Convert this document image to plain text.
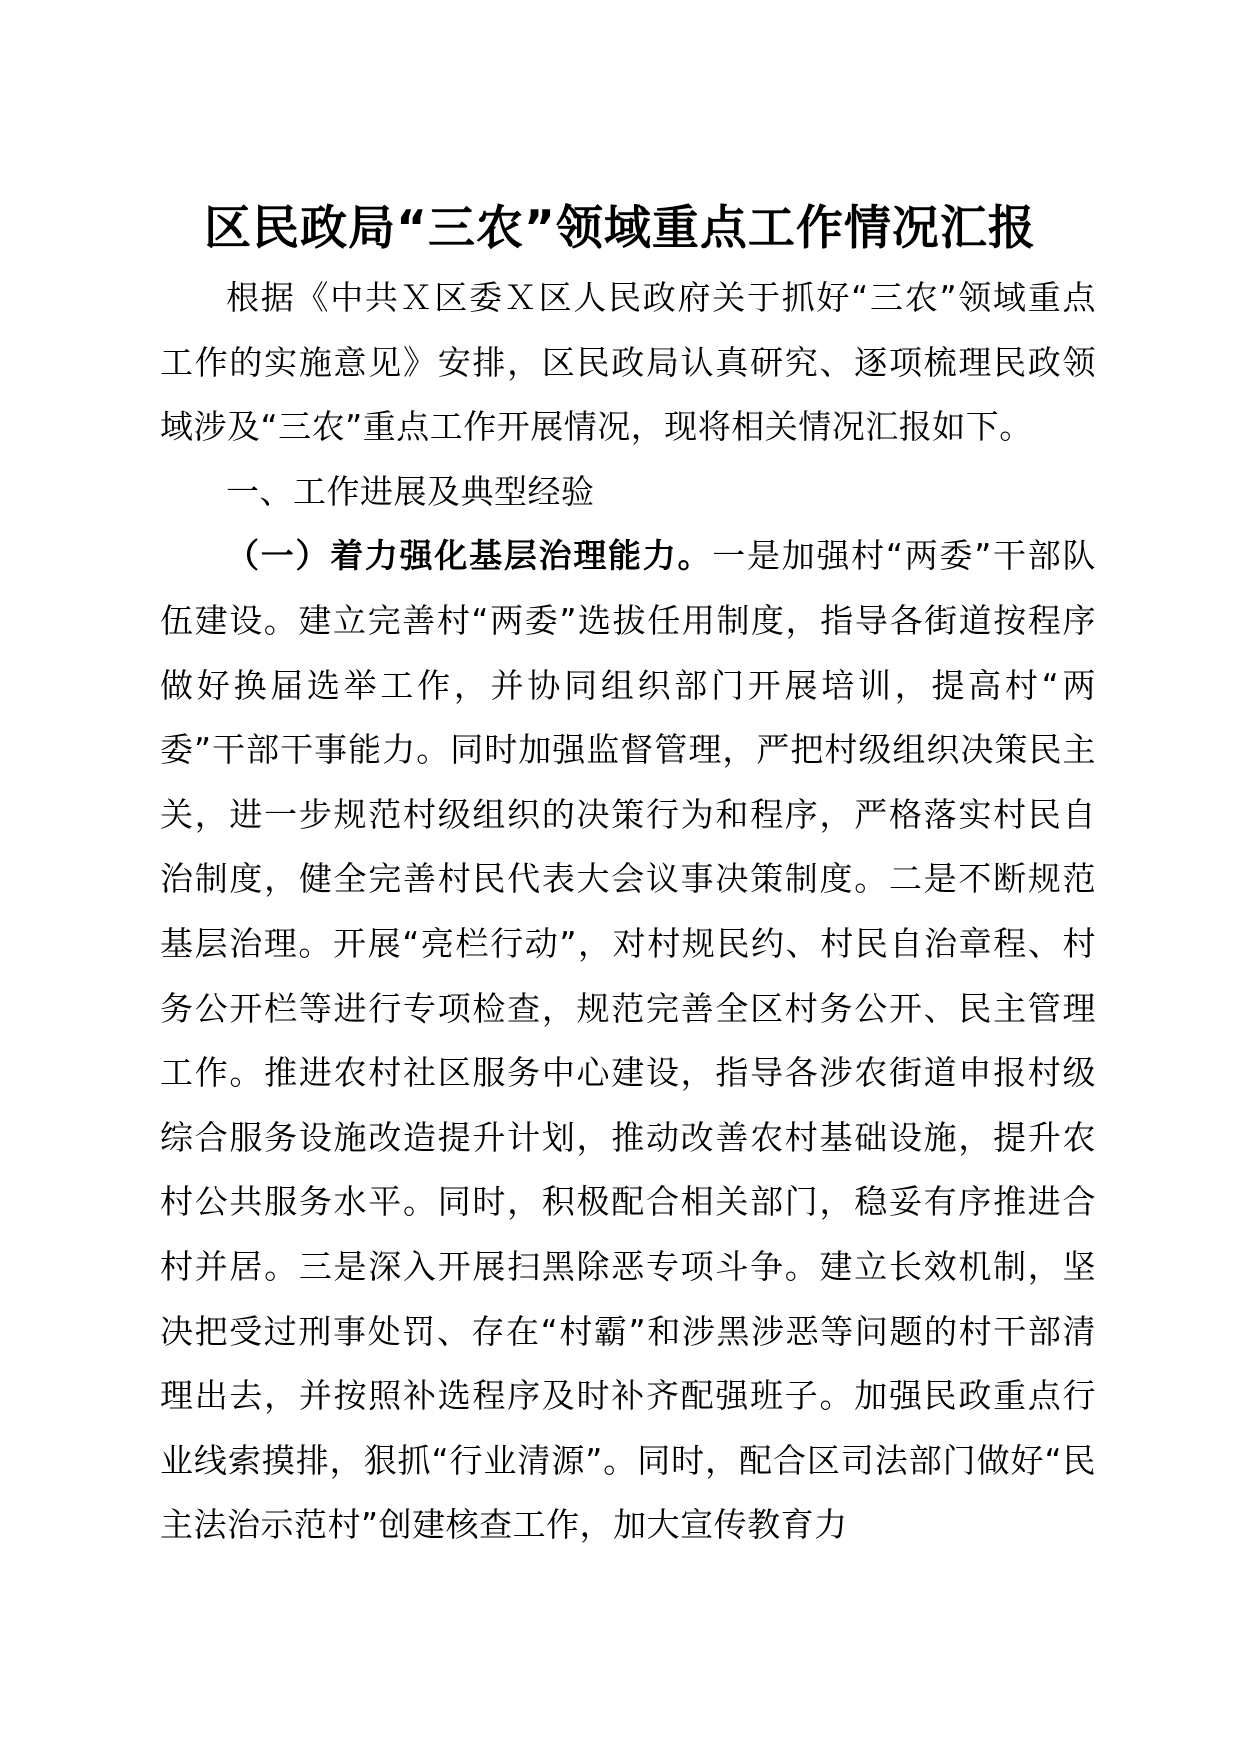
区民政局“三农”领域重点工作情况汇报

根据《中共Ｘ区委Ｘ区人民政府关于抓好“三农”领域重点工作的实施意见》安排，区民政局认真研究、逐项梳理民政领域涉及“三农”重点工作开展情况，现将相关情况汇报如下。

一、工作进展及典型经验

（一）着力强化基层治理能力。一是加强村“两委”干部队伍建设。建立完善村“两委”选拔任用制度，指导各街道按程序做好换届选举工作，并协同组织部门开展培训，提高村“两委”干部干事能力。同时加强监督管理，严把村级组织决策民主关，进一步规范村级组织的决策行为和程序，严格落实村民自治制度，健全完善村民代表大会议事决策制度。二是不断规范基层治理。开展“亮栏行动”，对村规民约、村民自治章程、村务公开栏等进行专项检查，规范完善全区村务公开、民主管理工作。推进农村社区服务中心建设，指导各涉农街道申报村级综合服务设施改造提升计划，推动改善农村基础设施，提升农村公共服务水平。同时，积极配合相关部门，稳妥有序推进合村并居。三是深入开展扫黑除恶专项斗争。建立长效机制，坚决把受过刑事处罚、存在“村霸”和涉黑涉恶等问题的村干部清理出去，并按照补选程序及时补齐配强班子。加强民政重点行业线索摸排，狠抓“行业清源”。同时，配合区司法部门做好“民主法治示范村”创建核查工作，加大宣传教育力
